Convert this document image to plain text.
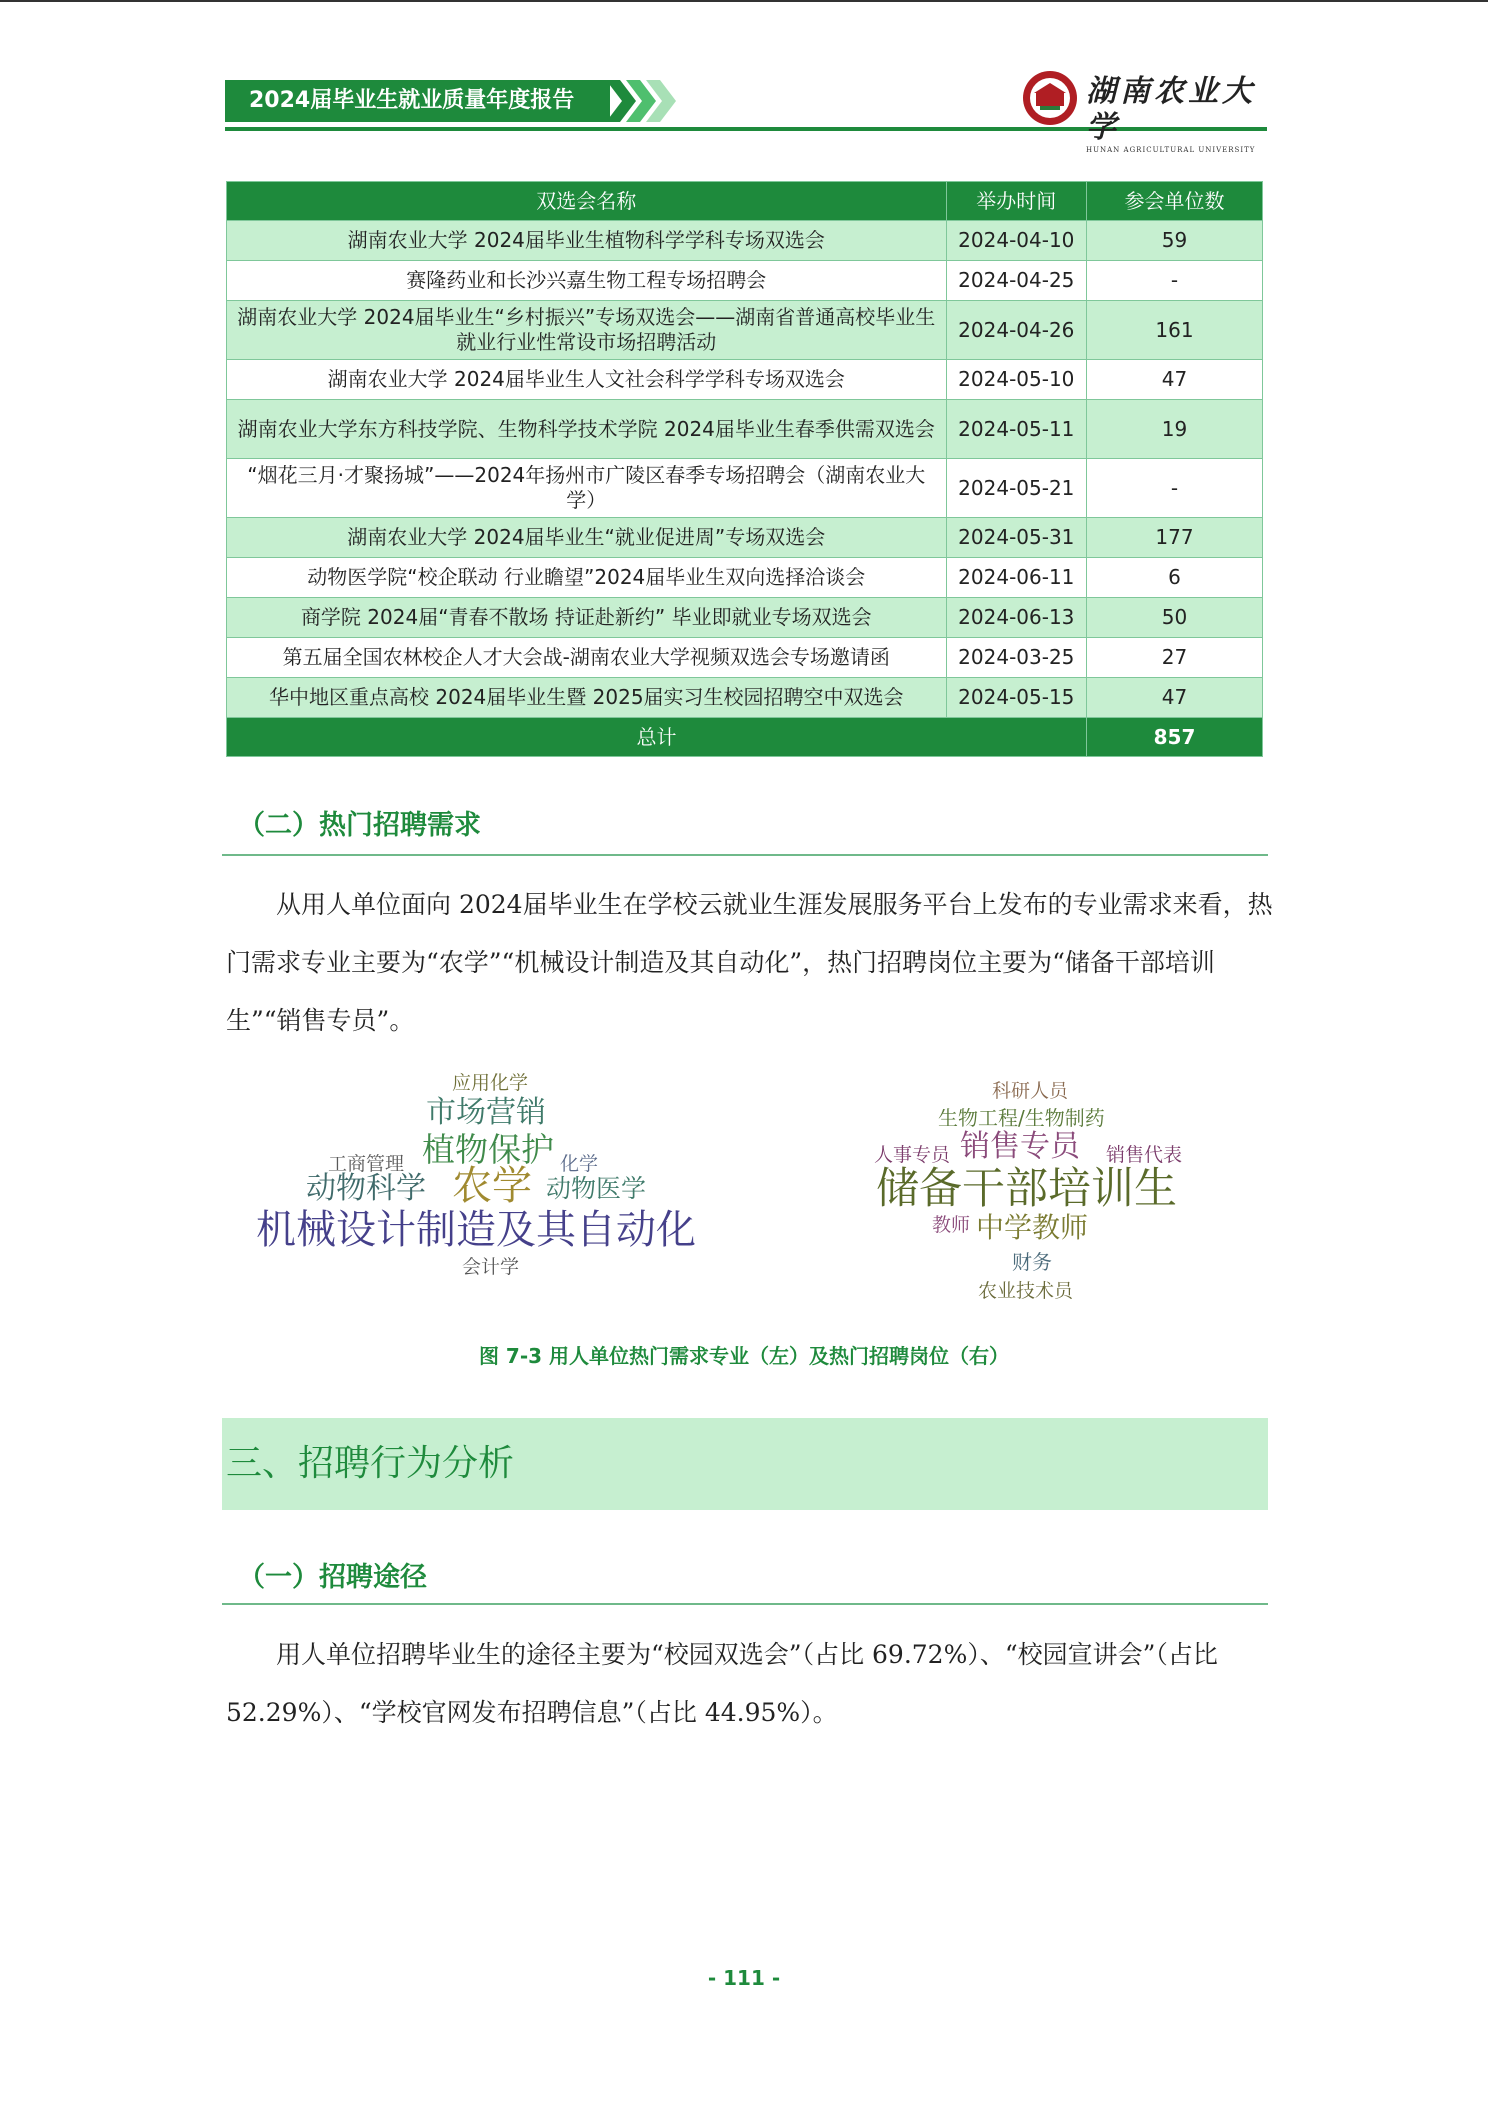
2024届毕业生就业质量年度报告	湖南农业大学
HUNAN AGRICULTURAL UNIVERSITY
双选会名称	举办时间	参会单位数
湖南农业大学 2024届毕业生植物科学学科专场双选会	2024-04-10	59
赛隆药业和长沙兴嘉生物工程专场招聘会	2024-04-25	-
湖南农业大学 2024届毕业生“乡村振兴”专场双选会——湖南省普通高校毕业生就业行业性常设市场招聘活动	2024-04-26	161
湖南农业大学 2024届毕业生人文社会科学学科专场双选会	2024-05-10	47
湖南农业大学东方科技学院、生物科学技术学院 2024届毕业生春季供需双选会	2024-05-11	19
“烟花三月·才聚扬城”——2024年扬州市广陵区春季专场招聘会（湖南农业大学）	2024-05-21	-
湖南农业大学 2024届毕业生“就业促进周”专场双选会	2024-05-31	177
动物医学院“校企联动 行业瞻望”2024届毕业生双向选择洽谈会	2024-06-11	6
商学院 2024届“青春不散场 持证赴新约” 毕业即就业专场双选会	2024-06-13	50
第五届全国农林校企人才大会战-湖南农业大学视频双选会专场邀请函	2024-03-25	27
华中地区重点高校 2024届毕业生暨 2025届实习生校园招聘空中双选会	2024-05-15	47
总计		857
（二）热门招聘需求
从用人单位面向 2024届毕业生在学校云就业生涯发展服务平台上发布的专业需求来看，热门需求专业主要为“农学”“机械设计制造及其自动化”，热门招聘岗位主要为“储备干部培训生”“销售专员”。
应用化学
市场营销
植物保护
工商管理	化学
动物科学 农学 动物医学
机械设计制造及其自动化
会计学
科研人员
生物工程/生物制药
人事专员 销售专员 销售代表
储备干部培训生
教师 中学教师
财务
农业技术员
图 7-3 用人单位热门需求专业（左）及热门招聘岗位（右）
三、招聘行为分析
（一）招聘途径
用人单位招聘毕业生的途径主要为“校园双选会”（占比 69.72%）、“校园宣讲会”（占比 52.29%）、“学校官网发布招聘信息”（占比 44.95%）。
- 111 -
